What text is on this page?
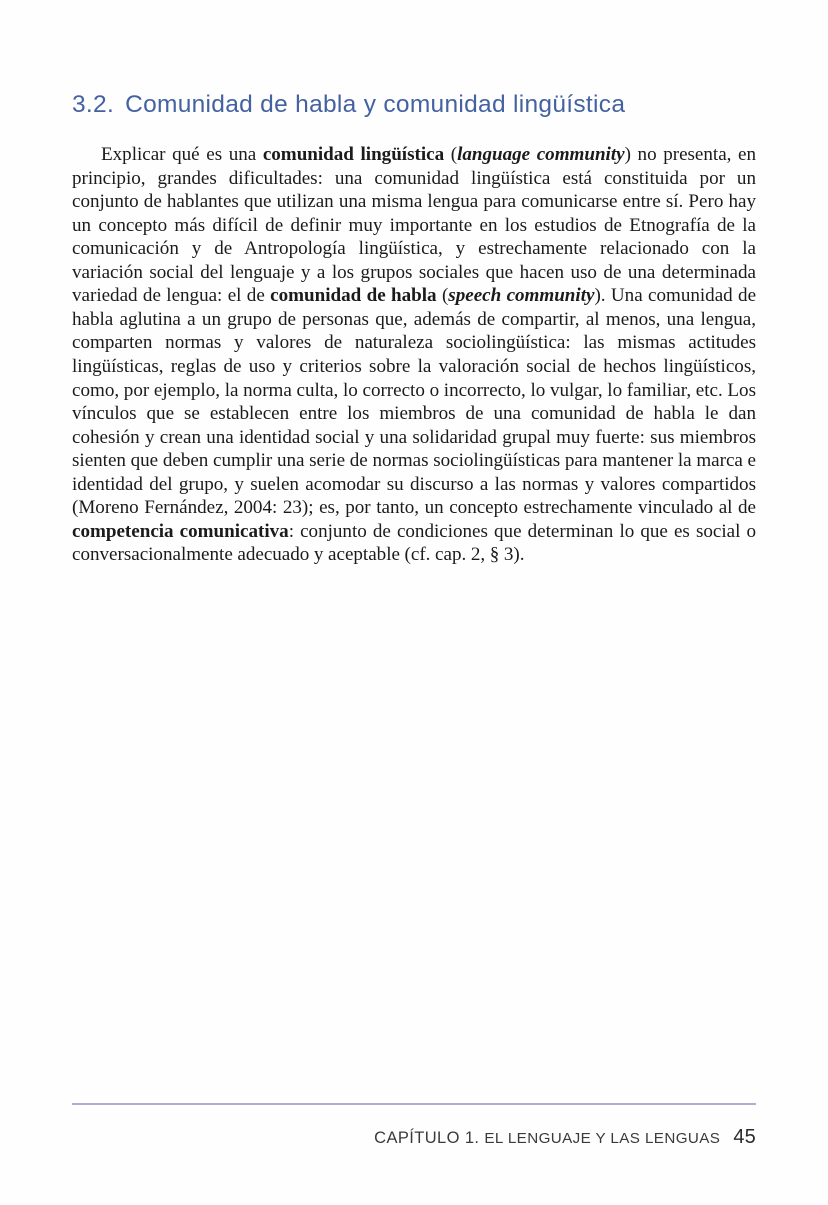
3.2. Comunidad de habla y comunidad lingüística

Explicar qué es una comunidad lingüística (language community) no presenta, en principio, grandes dificultades: una comunidad lingüística está constituida por un conjunto de hablantes que utilizan una misma lengua para comunicarse entre sí. Pero hay un concepto más difícil de definir muy importante en los estudios de Etnografía de la comunicación y de Antropología lingüística, y estrechamente relacionado con la variación social del lenguaje y a los grupos sociales que hacen uso de una determinada variedad de lengua: el de comunidad de habla (speech community). Una comunidad de habla aglutina a un grupo de personas que, además de compartir, al menos, una lengua, comparten normas y valores de naturaleza sociolingüística: las mismas actitudes lingüísticas, reglas de uso y criterios sobre la valoración social de hechos lingüísticos, como, por ejemplo, la norma culta, lo correcto o incorrecto, lo vulgar, lo familiar, etc. Los vínculos que se establecen entre los miembros de una comunidad de habla le dan cohesión y crean una identidad social y una solidaridad grupal muy fuerte: sus miembros sienten que deben cumplir una serie de normas sociolingüísticas para mantener la marca e identidad del grupo, y suelen acomodar su discurso a las normas y valores compartidos (Moreno Fernández, 2004: 23); es, por tanto, un concepto estrechamente vinculado al de competencia comunicativa: conjunto de condiciones que determinan lo que es social o conversacionalmente adecuado y aceptable (cf. cap. 2, § 3).

CAPÍTULO 1. EL LENGUAJE Y LAS LENGUAS 45
